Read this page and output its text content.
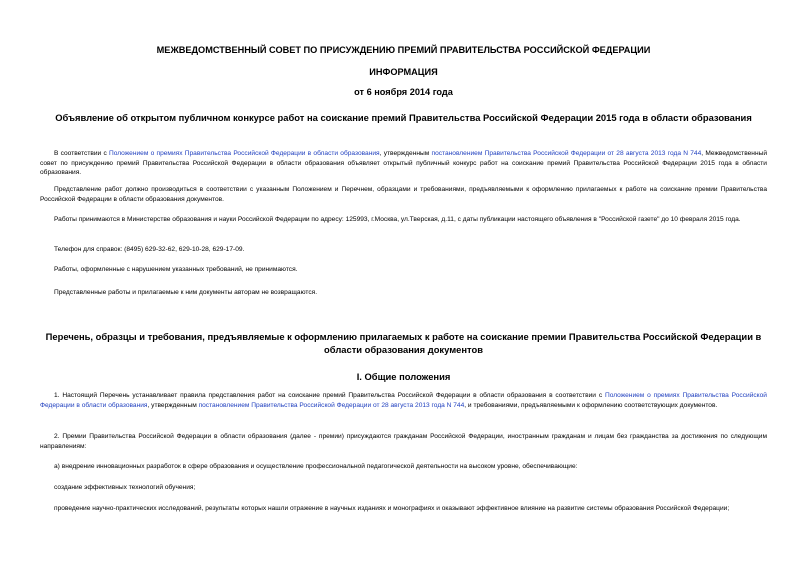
МЕЖВЕДОМСТВЕННЫЙ СОВЕТ ПО ПРИСУЖДЕНИЮ ПРЕМИЙ ПРАВИТЕЛЬСТВА РОССИЙСКОЙ ФЕДЕРАЦИИ
ИНФОРМАЦИЯ
от 6 ноября 2014 года
Объявление об открытом публичном конкурсе работ на соискание премий Правительства Российской Федерации 2015 года в области образования

В соответствии с Положением о премиях Правительства Российской Федерации в области образования, утвержденным постановлением Правительства Российской Федерации от 28 августа 2013 года N 744, Межведомственный совет по присуждению премий Правительства Российской Федерации в области образования объявляет открытый публичный конкурс работ на соискание премий Правительства Российской Федерации 2015 года в области образования.

Представление работ должно производиться в соответствии с указанным Положением и Перечнем, образцами и требованиями, предъявляемыми к оформлению прилагаемых к работе на соискание премии Правительства Российской Федерации в области образования документов.

Работы принимаются в Министерстве образования и науки Российской Федерации по адресу: 125993, г.Москва, ул.Тверская, д.11, с даты публикации настоящего объявления в "Российской газете" до 10 февраля 2015 года.

Телефон для справок: (8495) 629-32-62, 629-10-28, 629-17-09.

Работы, оформленные с нарушением указанных требований, не принимаются.

Представленные работы и прилагаемые к ним документы авторам не возвращаются.

Перечень, образцы и требования, предъявляемые к оформлению прилагаемых к работе на соискание премии Правительства Российской Федерации в области образования документов
I. Общие положения

1. Настоящий Перечень устанавливает правила представления работ на соискание премий Правительства Российской Федерации в области образования в соответствии с Положением о премиях Правительства Российской Федерации в области образования, утвержденным постановлением Правительства Российской Федерации от 28 августа 2013 года N 744, и требованиями, предъявляемыми к оформлению соответствующих документов.

2. Премии Правительства Российской Федерации в области образования (далее - премии) присуждаются гражданам Российской Федерации, иностранным гражданам и лицам без гражданства за достижения по следующим направлениям:

а) внедрение инновационных разработок в сфере образования и осуществление профессиональной педагогической деятельности на высоком уровне, обеспечивающие:

создание эффективных технологий обучения;

проведение научно-практических исследований, результаты которых нашли отражение в научных изданиях и монографиях и оказывают эффективное влияние на развитие системы образования Российской Федерации;
